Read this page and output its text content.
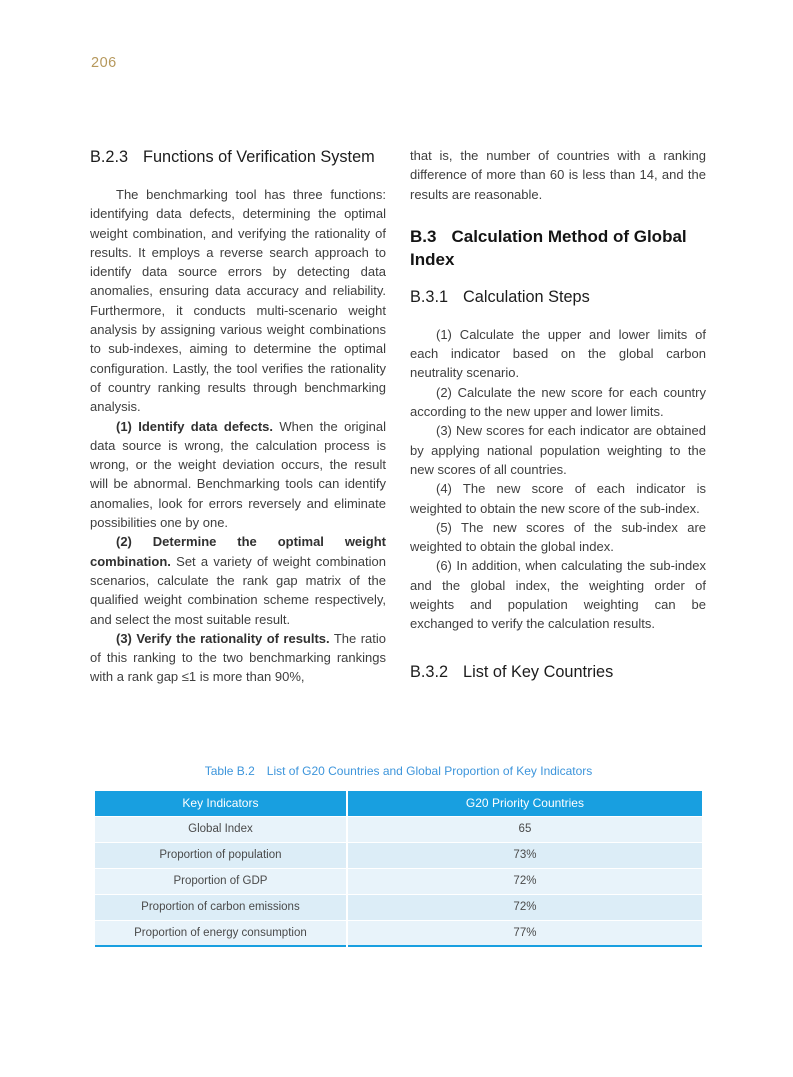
206
B.2.3 Functions of Verification System

The benchmarking tool has three functions: identifying data defects, determining the optimal weight combination, and verifying the rationality of results. It employs a reverse search approach to identify data source errors by detecting data anomalies, ensuring data accuracy and reliability. Furthermore, it conducts multi-scenario weight analysis by assigning various weight combinations to sub-indexes, aiming to determine the optimal configuration. Lastly, the tool verifies the rationality of country ranking results through benchmarking analysis.

(1) Identify data defects. When the original data source is wrong, the calculation process is wrong, or the weight deviation occurs, the result will be abnormal. Benchmarking tools can identify anomalies, look for errors reversely and eliminate possibilities one by one.

(2) Determine the optimal weight combination. Set a variety of weight combination scenarios, calculate the rank gap matrix of the qualified weight combination scheme respectively, and select the most suitable result.

(3) Verify the rationality of results. The ratio of this ranking to the two benchmarking rankings with a rank gap ≤1 is more than 90%,

that is, the number of countries with a ranking difference of more than 60 is less than 14, and the results are reasonable.

B.3 Calculation Method of Global Index
B.3.1 Calculation Steps

(1) Calculate the upper and lower limits of each indicator based on the global carbon neutrality scenario.

(2) Calculate the new score for each country according to the new upper and lower limits.

(3) New scores for each indicator are obtained by applying national population weighting to the new scores of all countries.

(4) The new score of each indicator is weighted to obtain the new score of the sub-index.

(5) The new scores of the sub-index are weighted to obtain the global index.

(6) In addition, when calculating the sub-index and the global index, the weighting order of weights and population weighting can be exchanged to verify the calculation results.

B.3.2 List of Key Countries
Table B.2 List of G20 Countries and Global Proportion of Key Indicators
Key Indicators	G20 Priority Countries
Global Index	65
Proportion of population	73%
Proportion of GDP	72%
Proportion of carbon emissions	72%
Proportion of energy consumption	77%
